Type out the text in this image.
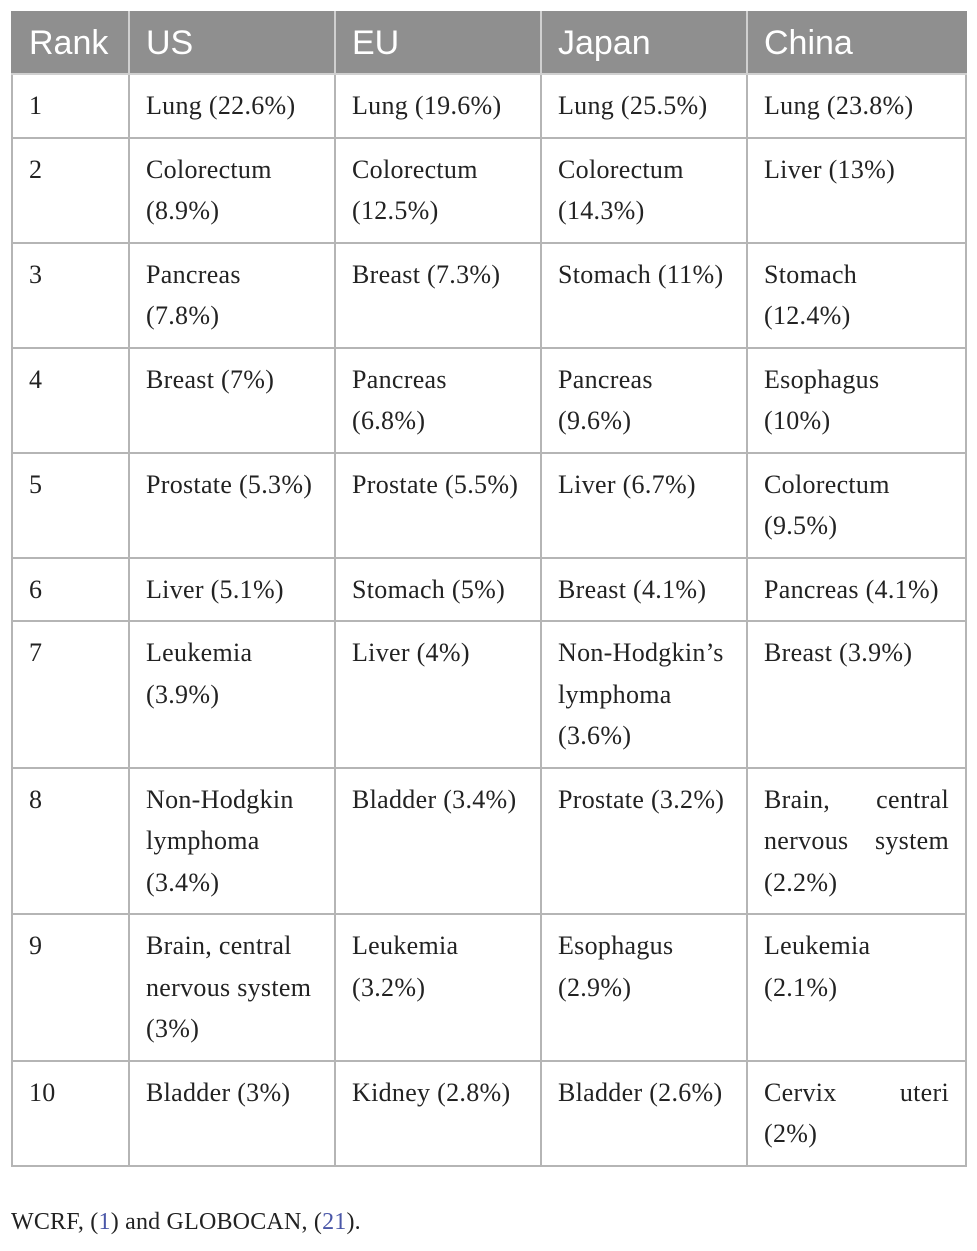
Rank	US	EU	Japan	China
1	Lung (22.6%)	Lung (19.6%)	Lung (25.5%)	Lung (23.8%)
2	Colorectum (8.9%)	Colorectum (12.5%)	Colorectum (14.3%)	Liver (13%)
3	Pancreas (7.8%)	Breast (7.3%)	Stomach (11%)	Stomach (12.4%)
4	Breast (7%)	Pancreas (6.8%)	Pancreas (9.6%)	Esophagus (10%)
5	Prostate (5.3%)	Prostate (5.5%)	Liver (6.7%)	Colorectum (9.5%)
6	Liver (5.1%)	Stomach (5%)	Breast (4.1%)	Pancreas (4.1%)
7	Leukemia (3.9%)	Liver (4%)	Non-Hodgkin’s lymphoma (3.6%)	Breast (3.9%)
8	Non-Hodgkin lymphoma (3.4%)	Bladder (3.4%)	Prostate (3.2%)	Brain, central nervous system (2.2%)
9	Brain, central nervous system (3%)	Leukemia (3.2%)	Esophagus (2.9%)	Leukemia (2.1%)
10	Bladder (3%)	Kidney (2.8%)	Bladder (2.6%)	Cervix uteri (2%)
WCRF, (1) and GLOBOCAN, (21).
